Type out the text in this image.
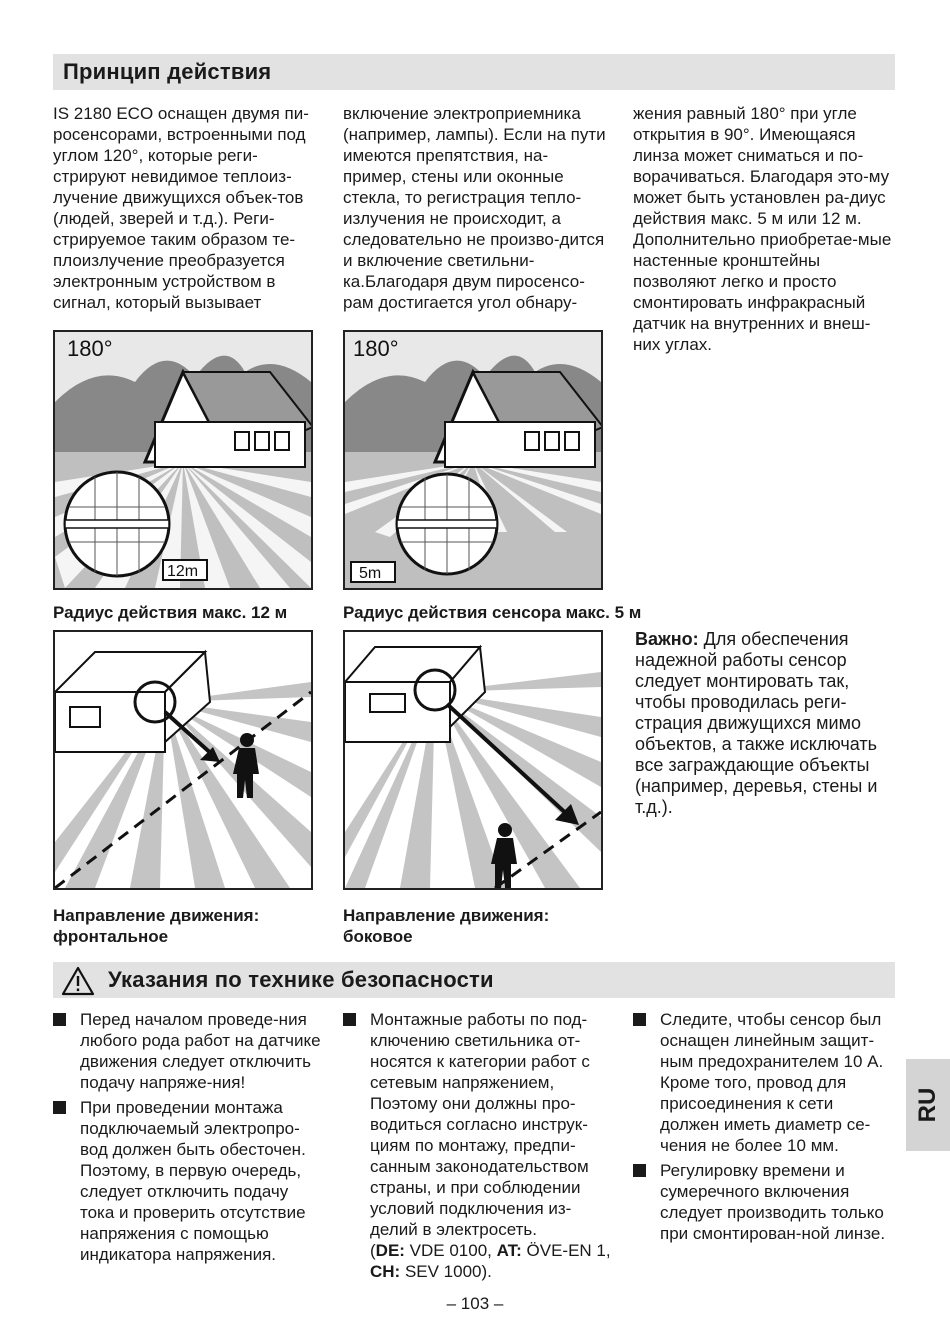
Принцип действия

IS 2180 ECO оснащен двумя пи-росенсорами, встроенными под углом 120°, которые реги-стрируют невидимое теплоиз-лучение движущихся объек-тов (людей, зверей и т.д.). Реги-стрируемое таким образом те-плоизлучение преобразуется электронным устройством в сигнал, который вызывает

включение электроприемника (например, лампы). Если на пути имеются препятствия, на-пример, стены или оконные стекла, то регистрация тепло-излучения не происходит, а следовательно не произво-дится и включение светильни-ка.Благодаря двум пиросенсо-рам достигается угол обнару-

жения равный 180° при угле открытия в 90°. Имеющаяся линза может сниматься и по-ворачиваться. Благодаря это-му может быть установлен ра-диус действия макс. 5 м или 12 м.

Дополнительно приобретае-мые настенные кронштейны позволяют легко и просто смонтировать инфракрасный датчик на внутренних и внеш-них углах.

180°
12m
Радиус действия макс. 12 м
180°
5m
Радиус действия сенсора макс. 5 м
Важно: Для обеспечения надежной работы сенсор следует монтировать так, чтобы проводилась реги-страция движущихся мимо объектов, а также исключать все заграждающие объекты (например, деревья, стены и т.д.).
Направление движения:
фронтальное
Направление движения:
боковое
Указания по технике безопасности
Перед началом проведе-ния любого рода работ на датчике движения следует отключить подачу напряже-ния!
При проведении монтажа подключаемый электропро-вод должен быть обесточен. Поэтому, в первую очередь, следует отключить подачу тока и проверить отсутствие напряжения с помощью индикатора напряжения.
Монтажные работы по под-ключению светильника от-носятся к категории работ с сетевым напряжением, Поэтому они должны про-водиться согласно инструк-циям по монтажу, предпи-санным законодательством страны, и при соблюдении условий подключения из-делий в электросеть.
(DE: VDE 0100, AT: ÖVE-EN 1, CH: SEV 1000).
Следите, чтобы сенсор был оснащен линейным защит-ным предохранителем 10 А. Кроме того, провод для присоединения к сети должен иметь диаметр се-чения не более 10 мм.
Регулировку времени и сумеречного включения следует производить только при смонтирован-ной линзе.
RU
– 103 –
